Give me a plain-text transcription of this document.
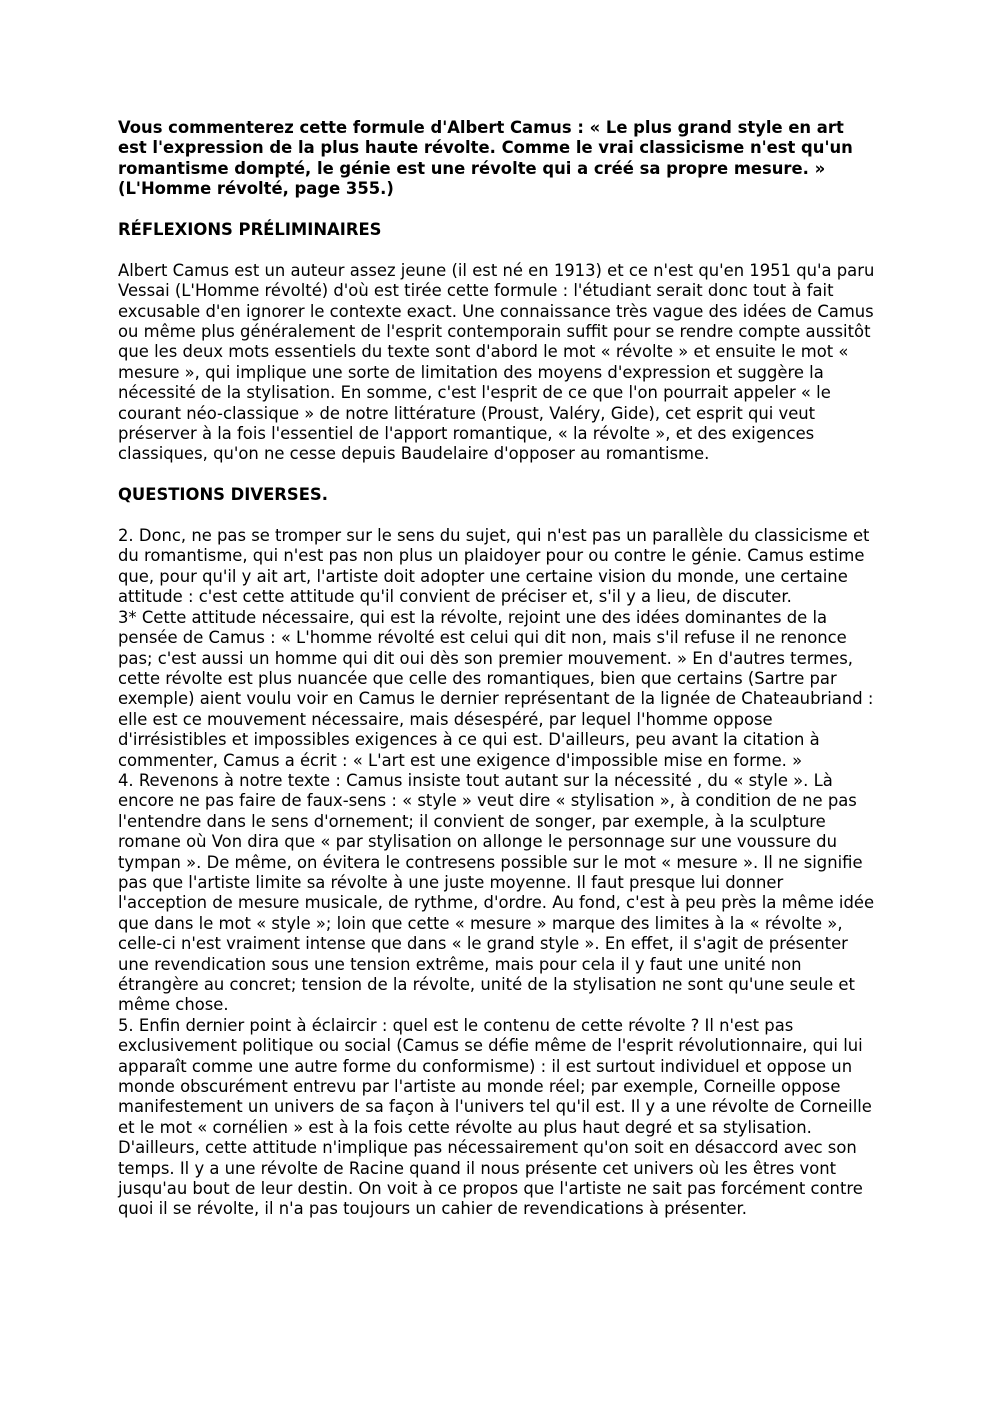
Vous commenterez cette formule d'Albert Camus : « Le plus grand style en art est l'expression de la plus haute révolte. Comme le vrai classicisme n'est qu'un romantisme dompté, le génie est une révolte qui a créé sa propre mesure. » (L'Homme révolté, page 355.)

RÉFLEXIONS PRÉLIMINAIRES

Albert Camus est un auteur assez jeune (il est né en 1913) et ce n'est qu'en 1951 qu'a paru Vessai (L'Homme révolté) d'où est tirée cette formule : l'étudiant serait donc tout à fait excusable d'en ignorer le contexte exact. Une connaissance très vague des idées de Camus ou même plus généralement de l'esprit contemporain suffit pour se rendre compte aussitôt que les deux mots essentiels du texte sont d'abord le mot « révolte » et ensuite le mot « mesure », qui implique une sorte de limitation des moyens d'expression et suggère la nécessité de la stylisation. En somme, c'est l'esprit de ce que l'on pourrait appeler « le courant néo-classique » de notre littérature (Proust, Valéry, Gide), cet esprit qui veut préserver à la fois l'essentiel de l'apport romantique, « la révolte », et des exigences classiques, qu'on ne cesse depuis Baudelaire d'opposer au romantisme.

QUESTIONS DIVERSES.

2. Donc, ne pas se tromper sur le sens du sujet, qui n'est pas un parallèle du classicisme et du romantisme, qui n'est pas non plus un plaidoyer pour ou contre le génie. Camus estime que, pour qu'il y ait art, l'artiste doit adopter une certaine vision du monde, une certaine attitude : c'est cette attitude qu'il convient de préciser et, s'il y a lieu, de discuter.

3* Cette attitude nécessaire, qui est la révolte, rejoint une des idées dominantes de la pensée de Camus : « L'homme révolté est celui qui dit non, mais s'il refuse il ne renonce pas; c'est aussi un homme qui dit oui dès son premier mouvement. » En d'autres termes, cette révolte est plus nuancée que celle des romantiques, bien que certains (Sartre par exemple) aient voulu voir en Camus le dernier représentant de la lignée de Chateaubriand : elle est ce mouvement nécessaire, mais désespéré, par lequel l'homme oppose d'irrésistibles et impossibles exigences à ce qui est. D'ailleurs, peu avant la citation à commenter, Camus a écrit : « L'art est une exigence d'impossible mise en forme. »

4. Revenons à notre texte : Camus insiste tout autant sur la nécessité , du « style ». Là encore ne pas faire de faux-sens : « style » veut dire « stylisation », à condition de ne pas l'entendre dans le sens d'ornement; il convient de songer, par exemple, à la sculpture romane où Von dira que « par stylisation on allonge le personnage sur une voussure du tympan ». De même, on évitera le contresens possible sur le mot « mesure ». Il ne signifie pas que l'artiste limite sa révolte à une juste moyenne. Il faut presque lui donner l'acception de mesure musicale, de rythme, d'ordre. Au fond, c'est à peu près la même idée que dans le mot « style »; loin que cette « mesure » marque des limites à la « révolte », celle-ci n'est vraiment intense que dans « le grand style ». En effet, il s'agit de présenter une revendication sous une tension extrême, mais pour cela il y faut une unité non étrangère au concret; tension de la révolte, unité de la stylisation ne sont qu'une seule et même chose.

5. Enfin dernier point à éclaircir : quel est le contenu de cette révolte ? Il n'est pas exclusivement politique ou social (Camus se défie même de l'esprit révolutionnaire, qui lui apparaît comme une autre forme du conformisme) : il est surtout individuel et oppose un monde obscurément entrevu par l'artiste au monde réel; par exemple, Corneille oppose manifestement un univers de sa façon à l'univers tel qu'il est. Il y a une révolte de Corneille et le mot « cornélien » est à la fois cette révolte au plus haut degré et sa stylisation. D'ailleurs, cette attitude n'implique pas nécessairement qu'on soit en désaccord avec son temps. Il y a une révolte de Racine quand il nous présente cet univers où les êtres vont jusqu'au bout de leur destin. On voit à ce propos que l'artiste ne sait pas forcément contre quoi il se révolte, il n'a pas toujours un cahier de revendications à présenter.
